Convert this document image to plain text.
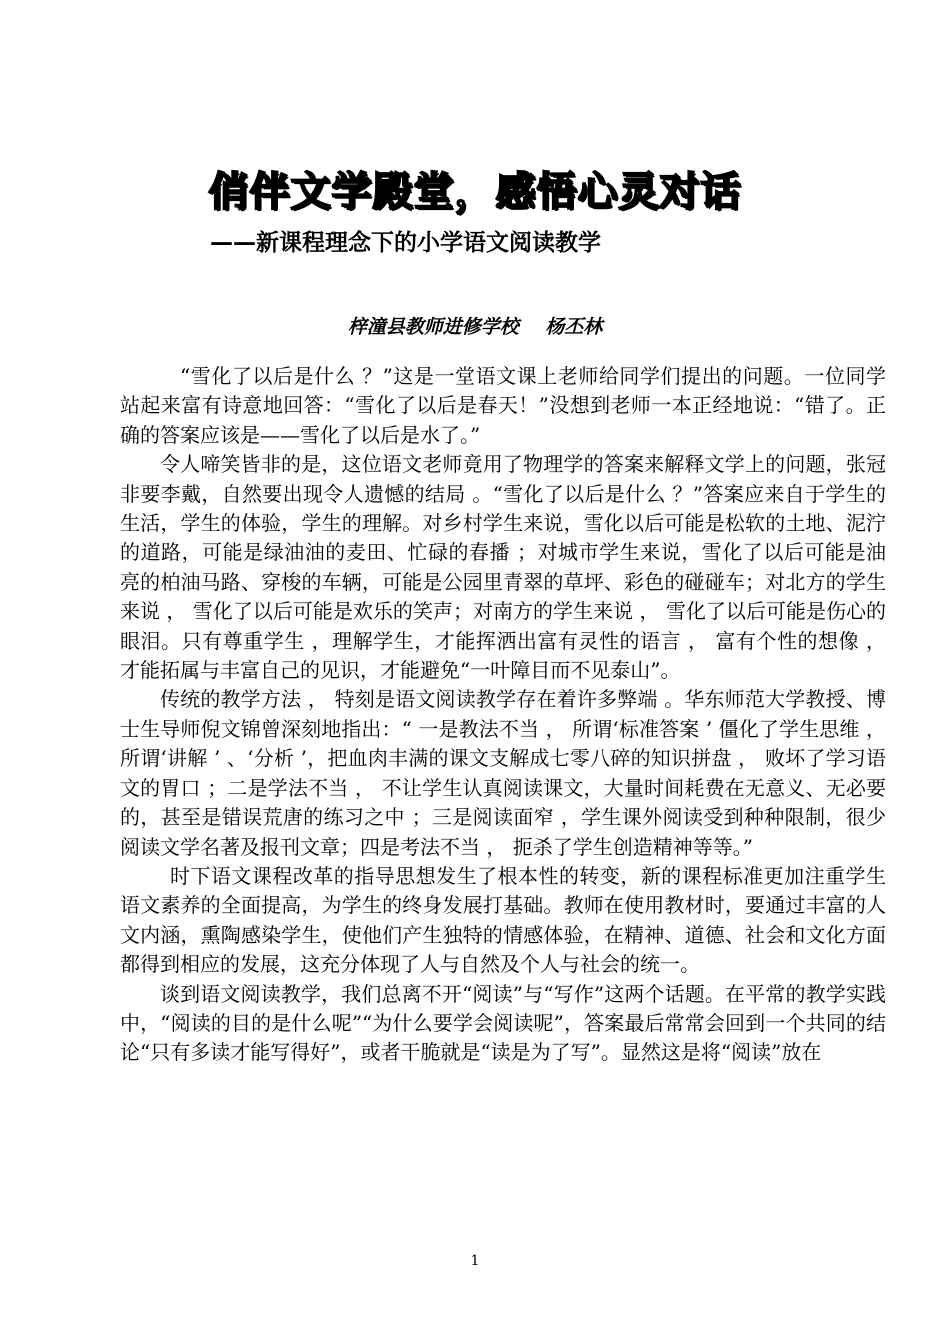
俏伴文学殿堂，感悟心灵对话
——新课程理念下的小学语文阅读教学
梓潼县教师进修学校    杨丕林

“雪化了以后是什么 ？”这是一堂语文课上老师给同学们提出的问题。一位同学站起来富有诗意地回答：“雪化了以后是春天！”没想到老师一本正经地说：“错了。正确的答案应该是——雪化了以后是水了。”

令人啼笑皆非的是，这位语文老师竟用了物理学的答案来解释文学上的问题，张冠非要李戴，自然要出现令人遗憾的结局 。“雪化了以后是什么 ？”答案应来自于学生的生活，学生的体验，学生的理解。对乡村学生来说，雪化以后可能是松软的土地、泥泞的道路，可能是绿油油的麦田、忙碌的春播 ；对城市学生来说，雪化了以后可能是油亮的柏油马路、穿梭的车辆，可能是公园里青翠的草坪、彩色的碰碰车；对北方的学生来说 ， 雪化了以后可能是欢乐的笑声；对南方的学生来说 ， 雪化了以后可能是伤心的眼泪。只有尊重学生 ，理解学生，才能挥洒出富有灵性的语言 ， 富有个性的想像 ， 才能拓属与丰富自己的见识，才能避免“一叶障目而不见泰山”。

传统的教学方法 ， 特刻是语文阅读教学存在着许多弊端 。华东师范大学教授、博士生导师倪文锦曾深刻地指出：“ 一是教法不当 ， 所谓‘标准答案 ’ 僵化了学生思维 ， 所谓‘讲解 ’ 、‘分析 ’，把血肉丰满的课文支解成七零八碎的知识拼盘 ， 败坏了学习语文的胃口 ；二是学法不当 ， 不让学生认真阅读课文，大量时间耗费在无意义、无必要的，甚至是错误荒唐的练习之中 ；三是阅读面窄 ，学生课外阅读受到种种限制，很少阅读文学名著及报刊文章；四是考法不当 ， 扼杀了学生创造精神等等。”

时下语文课程改革的指导思想发生了根本性的转变，新的课程标准更加注重学生语文素养的全面提高，为学生的终身发展打基础。教师在使用教材时，要通过丰富的人文内涵，熏陶感染学生，使他们产生独特的情感体验，在精神、道德、社会和文化方面都得到相应的发展，这充分体现了人与自然及个人与社会的统一。

谈到语文阅读教学，我们总离不开“阅读”与“写作”这两个话题。在平常的教学实践中，“阅读的目的是什么呢”“为什么要学会阅读呢”，答案最后常常会回到一个共同的结论“只有多读才能写得好”，或者干脆就是“读是为了写”。显然这是将“阅读”放在

1
